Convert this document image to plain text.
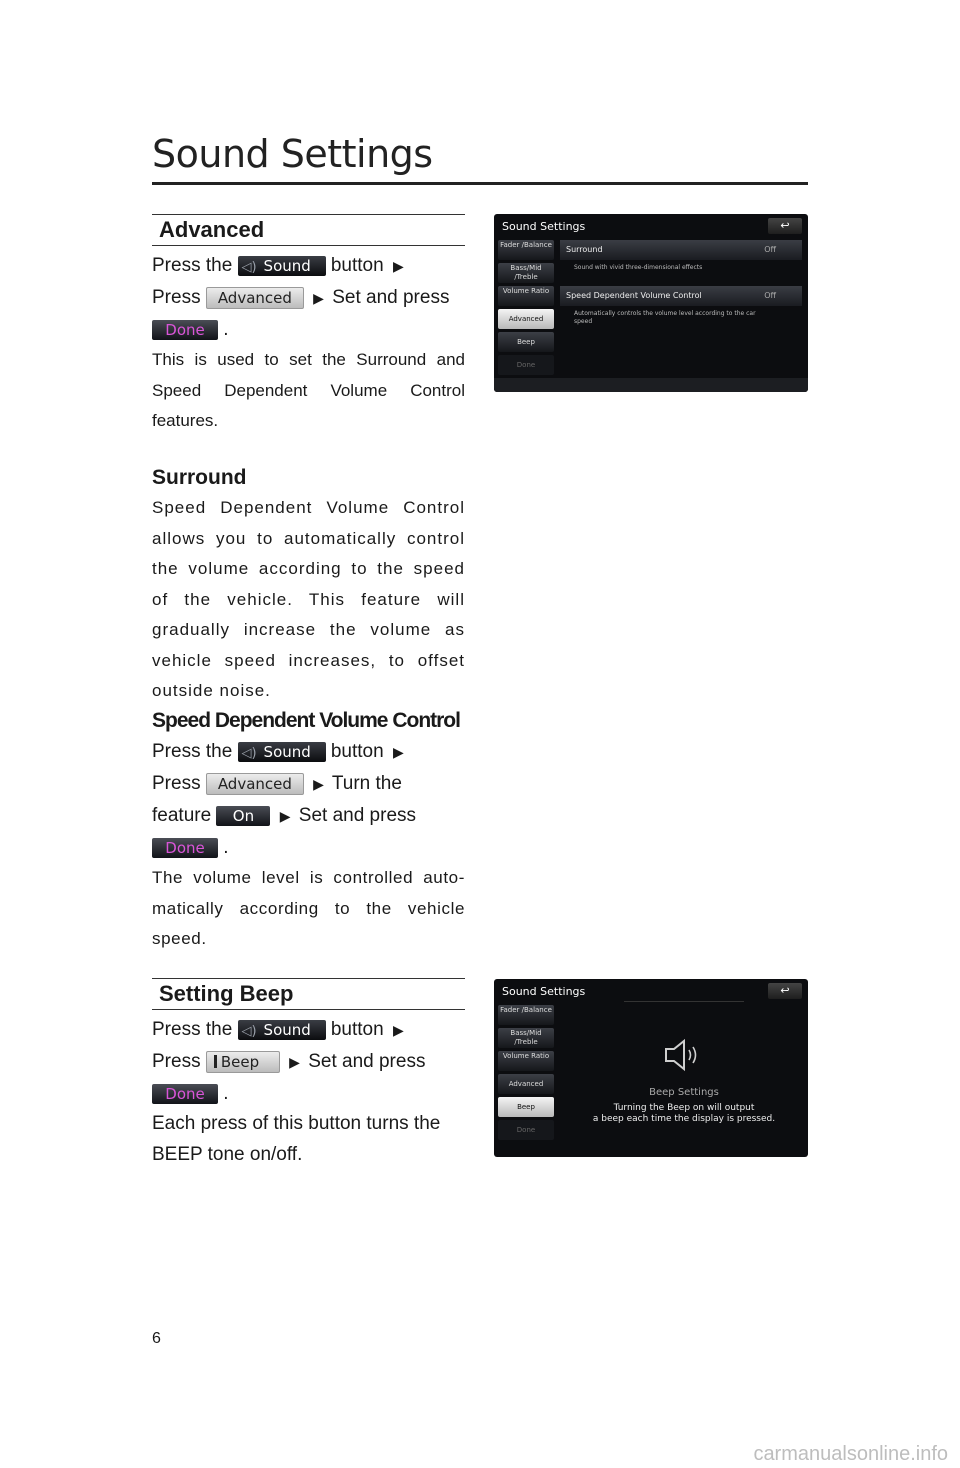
Sound Settings
Advanced
Press the ◁) Sound button ▶
Press Advanced ▶ Set and press
Done .
This is used to set the Surround and Speed Dependent Volume Control features.
Surround
Speed Dependent Volume Control allows you to automatically control the volume according to the speed of the vehicle. This feature will gradually increase the volume as vehicle speed increases, to offset outside noise.
Speed Dependent Volume Control
Press the ◁) Sound button ▶
Press Advanced ▶ Turn the
feature On ▶ Set and press
Done .
The volume level is controlled auto-matically according to the vehicle speed.
Setting Beep
Press the ◁) Sound button ▶
Press Beep ▶ Set and press
Done .
Each press of this button turns the BEEP tone on/off.
Sound Settings	↩
Fader /Balance
Bass/Mid /Treble
Volume Ratio
Advanced
Beep
Done
Surround	Off
Sound with vivid three-dimensional effects
Speed Dependent Volume Control	Off
Automatically controls the volume level according to the car speed
Sound Settings	↩
Fader /Balance
Bass/Mid /Treble
Volume Ratio
Advanced
Beep
Done
Beep Settings
Turning the Beep on will output
a beep each time the display is pressed.
6
carmanualsonline.info
